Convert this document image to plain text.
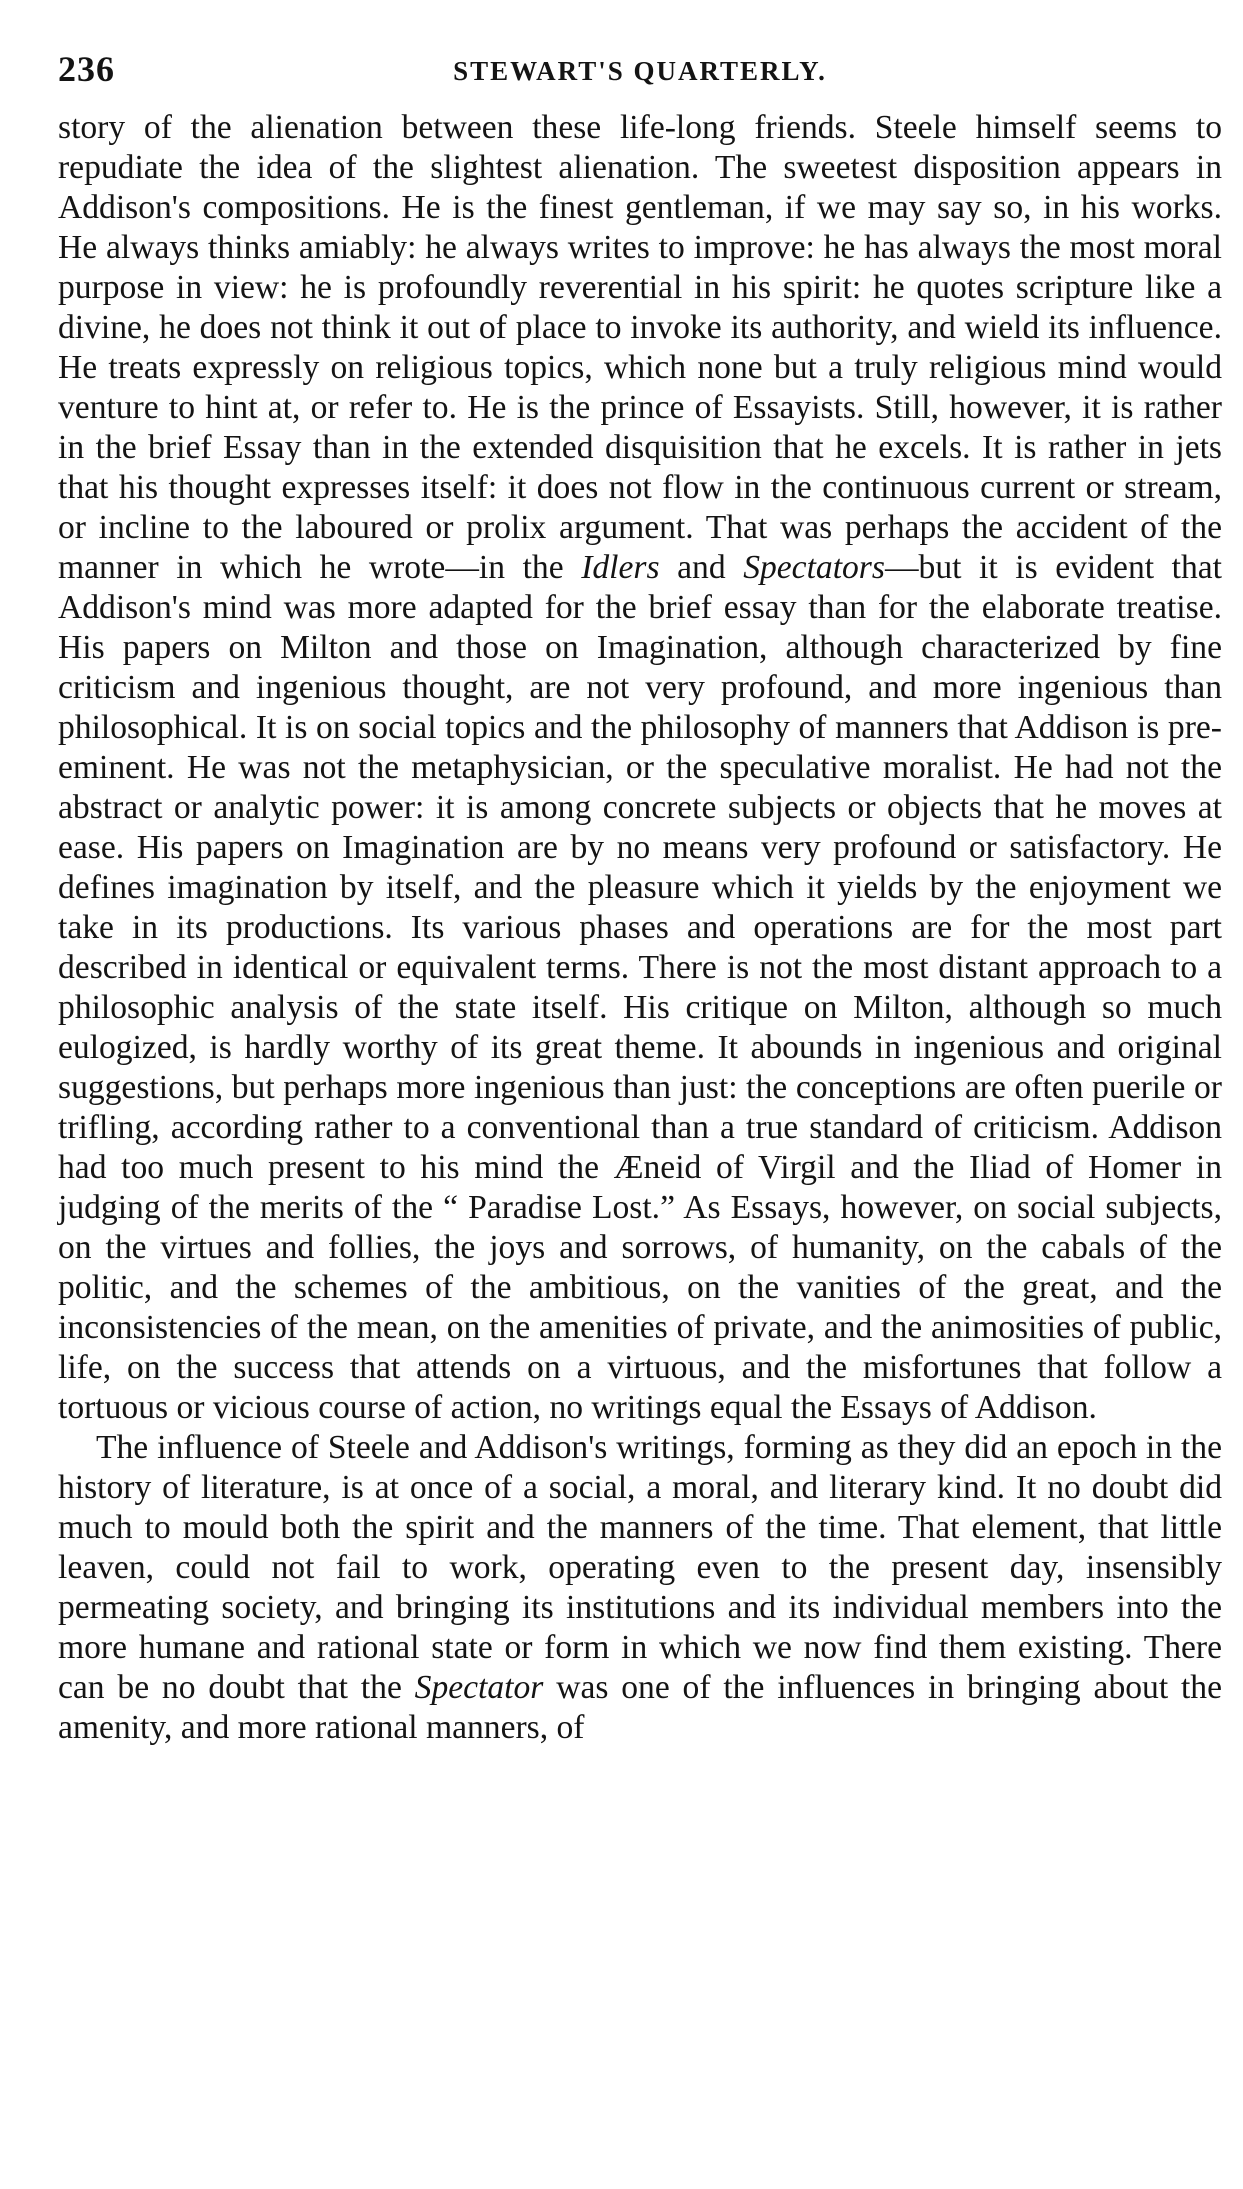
236	STEWART'S QUARTERLY.

story of the alienation between these life-long friends. Steele himself seems to repudiate the idea of the slightest alienation. The sweetest disposition appears in Addison's compositions. He is the finest gentleman, if we may say so, in his works. He always thinks amiably: he always writes to improve: he has always the most moral purpose in view: he is profoundly reverential in his spirit: he quotes scripture like a divine, he does not think it out of place to invoke its authority, and wield its influence. He treats expressly on religious topics, which none but a truly religious mind would venture to hint at, or refer to. He is the prince of Essayists. Still, however, it is rather in the brief Essay than in the extended disquisition that he excels. It is rather in jets that his thought expresses itself: it does not flow in the continuous current or stream, or incline to the laboured or prolix argument. That was perhaps the accident of the manner in which he wrote—in the Idlers and Spectators—but it is evident that Addison's mind was more adapted for the brief essay than for the elaborate treatise. His papers on Milton and those on Imagination, although characterized by fine criticism and ingenious thought, are not very profound, and more ingenious than philosophical. It is on social topics and the philosophy of manners that Addison is pre-eminent. He was not the metaphysician, or the speculative moralist. He had not the abstract or analytic power: it is among concrete subjects or objects that he moves at ease. His papers on Imagination are by no means very profound or satisfactory. He defines imagination by itself, and the pleasure which it yields by the enjoyment we take in its productions. Its various phases and operations are for the most part described in identical or equivalent terms. There is not the most distant approach to a philosophic analysis of the state itself. His critique on Milton, although so much eulogized, is hardly worthy of its great theme. It abounds in ingenious and original suggestions, but perhaps more ingenious than just: the conceptions are often puerile or trifling, according rather to a conventional than a true standard of criticism. Addison had too much present to his mind the Æneid of Virgil and the Iliad of Homer in judging of the merits of the “ Paradise Lost.” As Essays, however, on social subjects, on the virtues and follies, the joys and sorrows, of humanity, on the cabals of the politic, and the schemes of the ambitious, on the vanities of the great, and the inconsistencies of the mean, on the amenities of private, and the animosities of public, life, on the success that attends on a virtuous, and the misfortunes that follow a tortuous or vicious course of action, no writings equal the Essays of Addison.

The influence of Steele and Addison's writings, forming as they did an epoch in the history of literature, is at once of a social, a moral, and literary kind. It no doubt did much to mould both the spirit and the manners of the time. That element, that little leaven, could not fail to work, operating even to the present day, insensibly permeating society, and bringing its institutions and its individual members into the more humane and rational state or form in which we now find them existing. There can be no doubt that the Spectator was one of the influences in bringing about the amenity, and more rational manners, of
